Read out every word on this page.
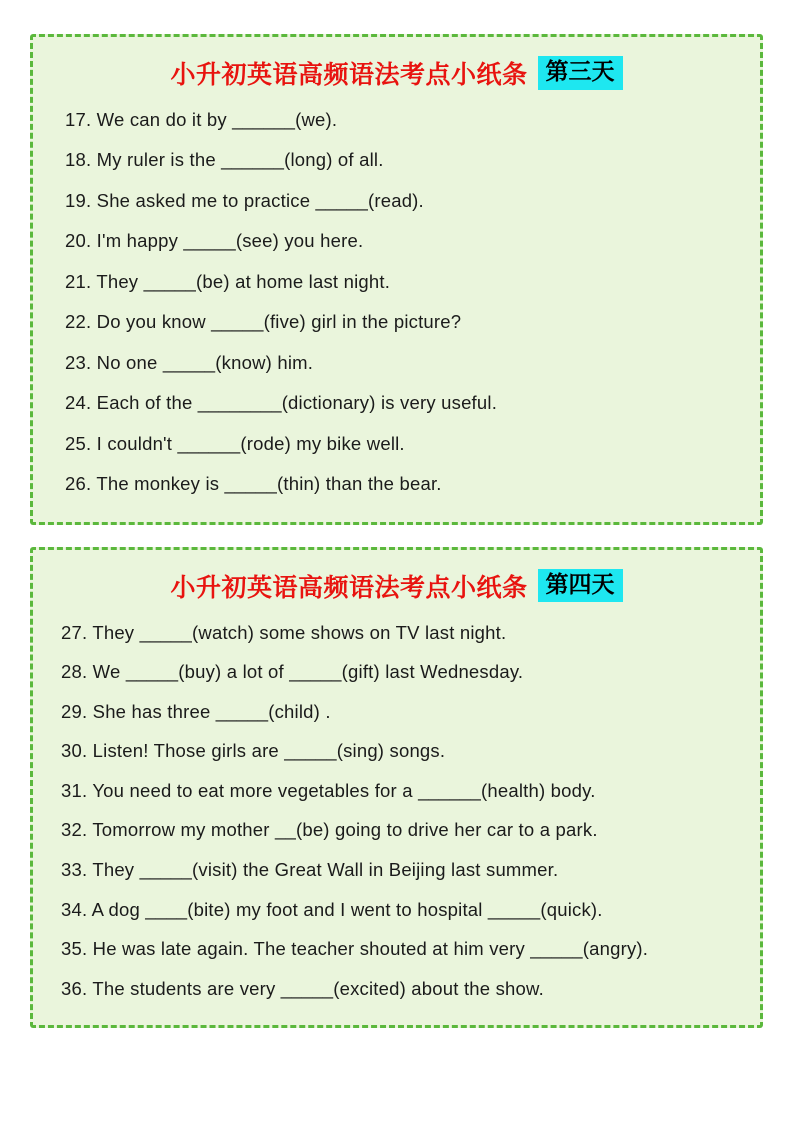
小升初英语高频语法考点小纸条 第三天
17. We can do it by ______(we).
18. My ruler is the ______(long) of all.
19. She asked me to practice _____(read).
20. I'm happy _____(see) you here.
21. They _____(be) at home last night.
22. Do you know _____(five) girl in the picture?
23. No one _____(know) him.
24. Each of the ________(dictionary) is very useful.
25. I couldn't ______(rode) my bike well.
26. The monkey is _____(thin) than the bear.
小升初英语高频语法考点小纸条 第四天
27. They _____(watch) some shows on TV last night.
28. We _____(buy) a lot of _____(gift) last Wednesday.
29. She has three _____(child) .
30. Listen! Those girls are _____(sing) songs.
31. You need to eat more vegetables for a ______(health) body.
32. Tomorrow my mother __(be) going to drive her car to a park.
33. They _____(visit) the Great Wall in Beijing last summer.
34. A dog ____(bite) my foot and I went to hospital _____(quick).
35. He was late again. The teacher shouted at him very _____(angry).
36. The students are very _____(excited) about the show.
